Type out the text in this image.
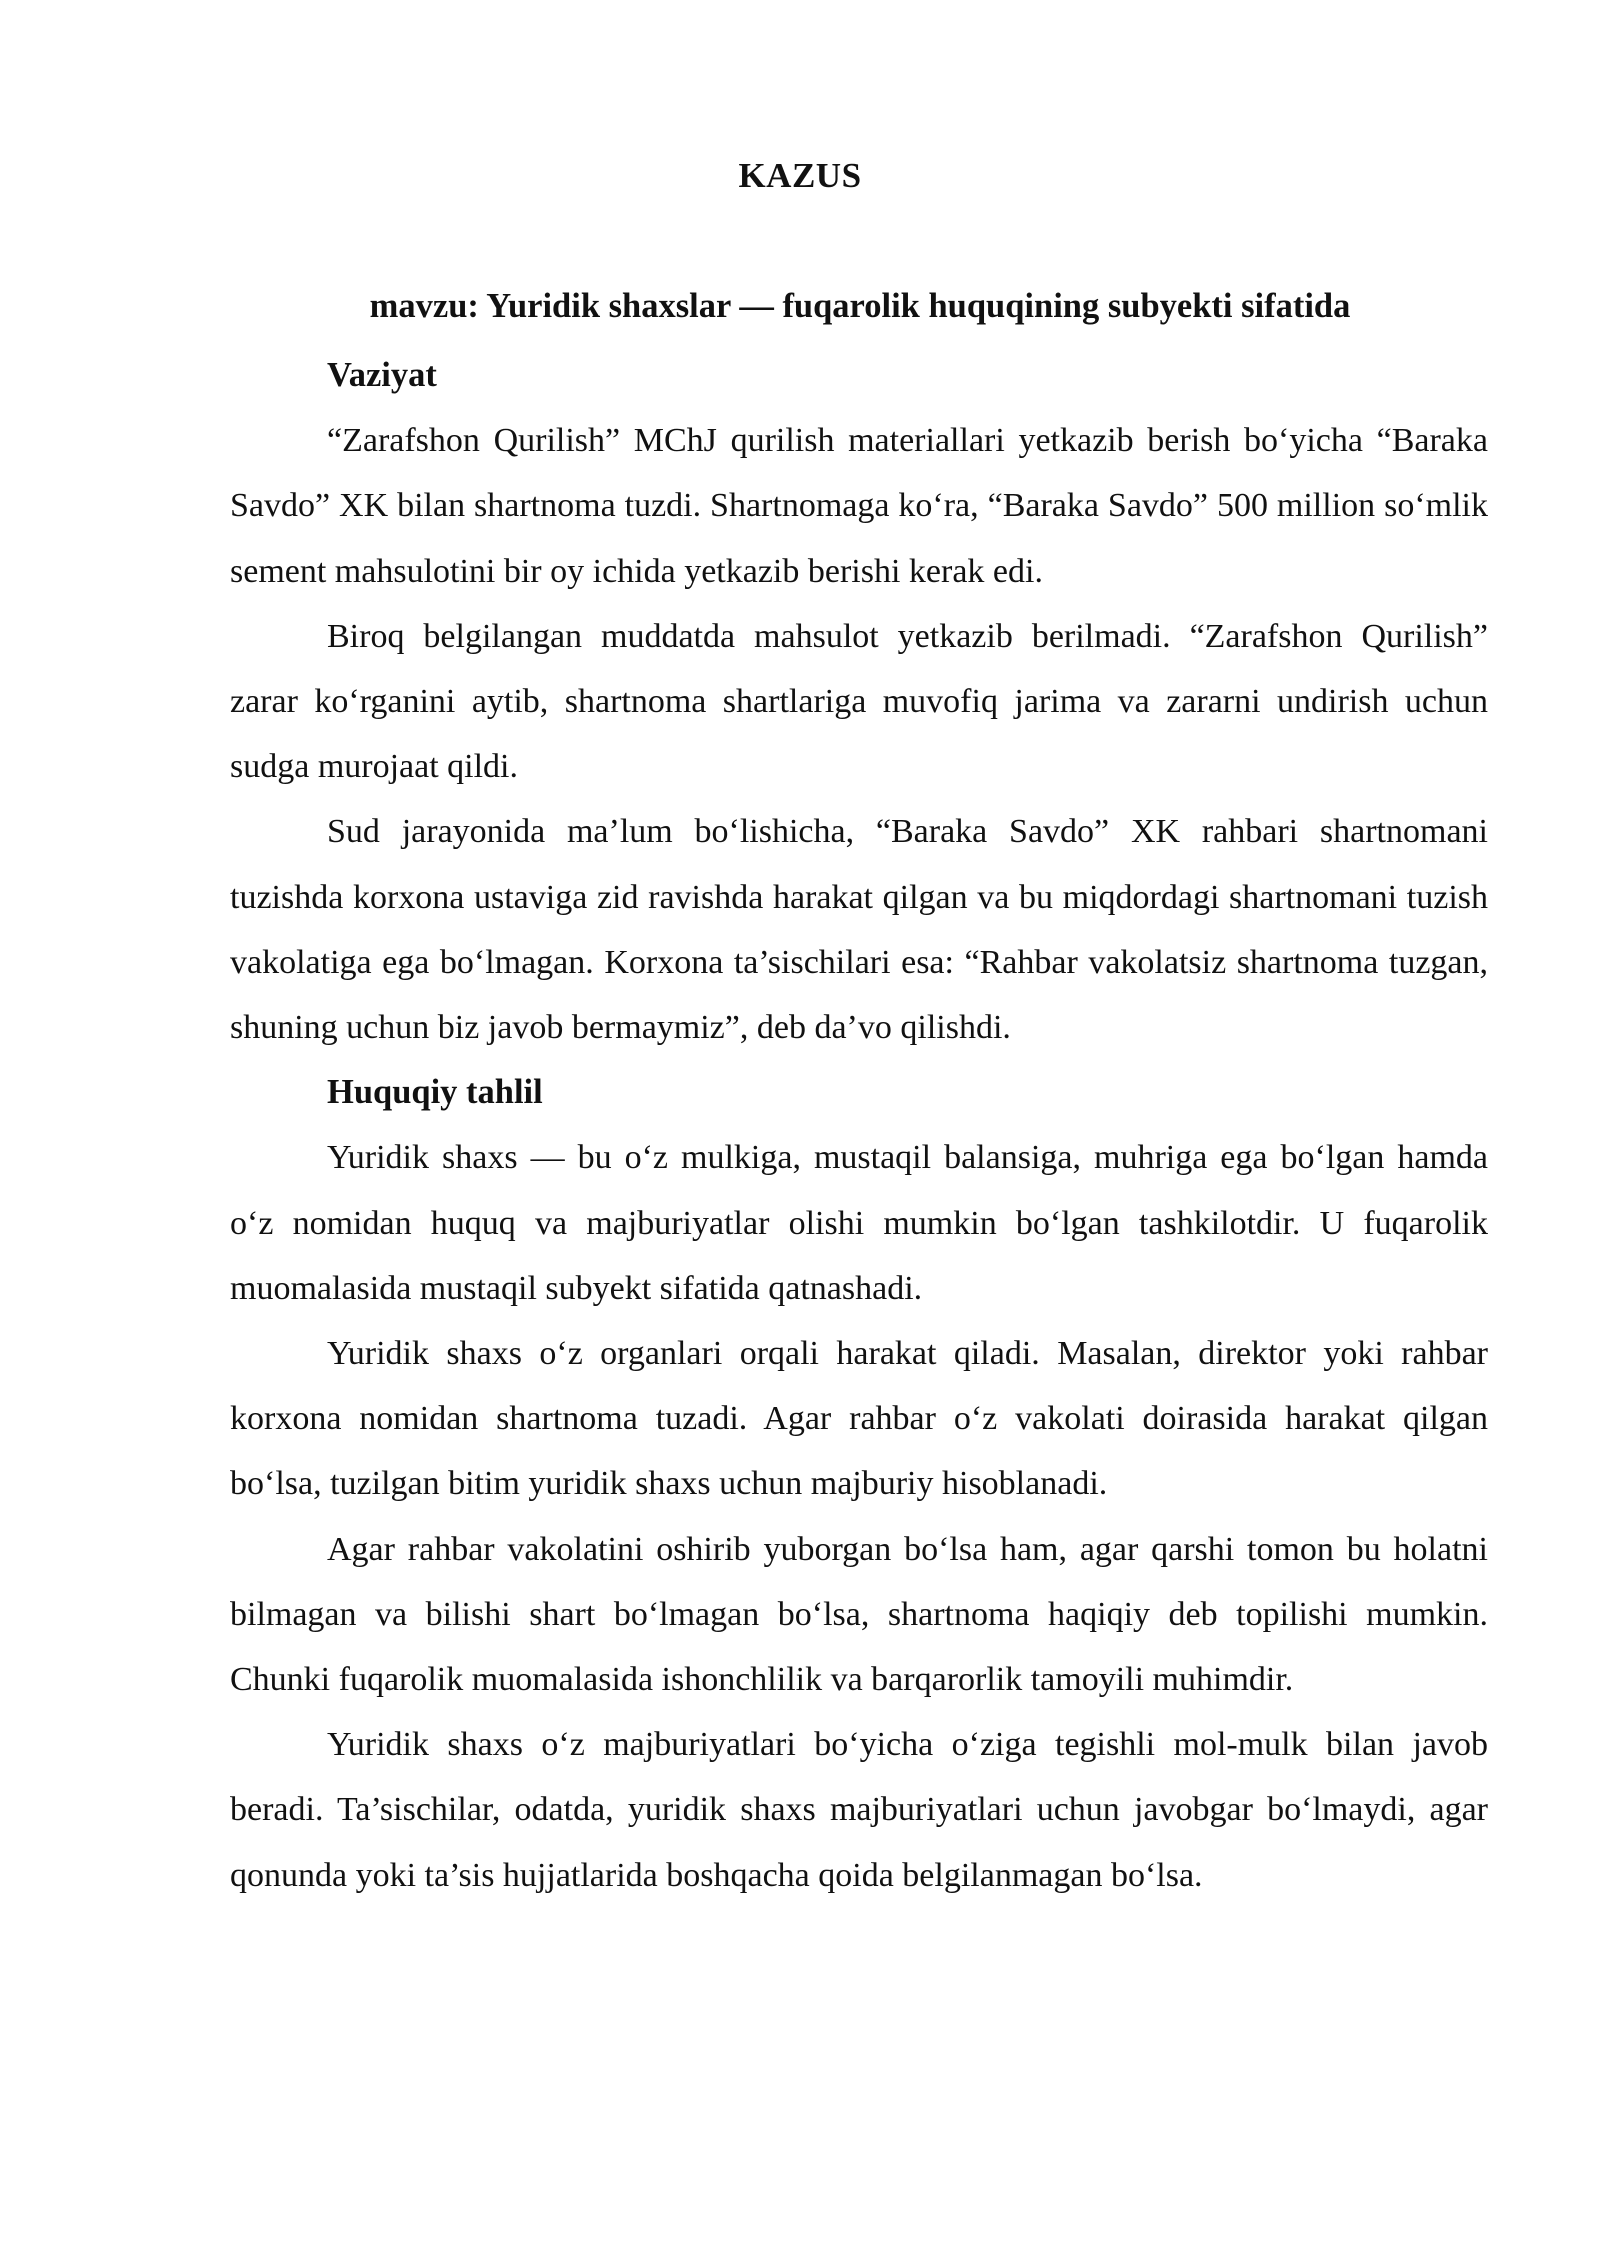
KAZUS
mavzu: Yuridik shaxslar — fuqarolik huquqining subyekti sifatida

Vaziyat

“Zarafshon Qurilish” MChJ qurilish materiallari yetkazib berish bo‘yicha “Baraka Savdo” XK bilan shartnoma tuzdi. Shartnomaga ko‘ra, “Baraka Savdo” 500 million so‘mlik sement mahsulotini bir oy ichida yetkazib berishi kerak edi.

Biroq belgilangan muddatda mahsulot yetkazib berilmadi. “Zarafshon Qurilish” zarar ko‘rganini aytib, shartnoma shartlariga muvofiq jarima va zararni undirish uchun sudga murojaat qildi.

Sud jarayonida ma’lum bo‘lishicha, “Baraka Savdo” XK rahbari shartnomani tuzishda korxona ustaviga zid ravishda harakat qilgan va bu miqdordagi shartnomani tuzish vakolatiga ega bo‘lmagan. Korxona ta’sischilari esa: “Rahbar vakolatsiz shartnoma tuzgan, shuning uchun biz javob bermaymiz”, deb da’vo qilishdi.

Huquqiy tahlil

Yuridik shaxs — bu o‘z mulkiga, mustaqil balansiga, muhriga ega bo‘lgan hamda o‘z nomidan huquq va majburiyatlar olishi mumkin bo‘lgan tashkilotdir. U fuqarolik muomalasida mustaqil subyekt sifatida qatnashadi.

Yuridik shaxs o‘z organlari orqali harakat qiladi. Masalan, direktor yoki rahbar korxona nomidan shartnoma tuzadi. Agar rahbar o‘z vakolati doirasida harakat qilgan bo‘lsa, tuzilgan bitim yuridik shaxs uchun majburiy hisoblanadi.

Agar rahbar vakolatini oshirib yuborgan bo‘lsa ham, agar qarshi tomon bu holatni bilmagan va bilishi shart bo‘lmagan bo‘lsa, shartnoma haqiqiy deb topilishi mumkin. Chunki fuqarolik muomalasida ishonchlilik va barqarorlik tamoyili muhimdir.

Yuridik shaxs o‘z majburiyatlari bo‘yicha o‘ziga tegishli mol-mulk bilan javob beradi. Ta’sischilar, odatda, yuridik shaxs majburiyatlari uchun javobgar bo‘lmaydi, agar qonunda yoki ta’sis hujjatlarida boshqacha qoida belgilanmagan bo‘lsa.
